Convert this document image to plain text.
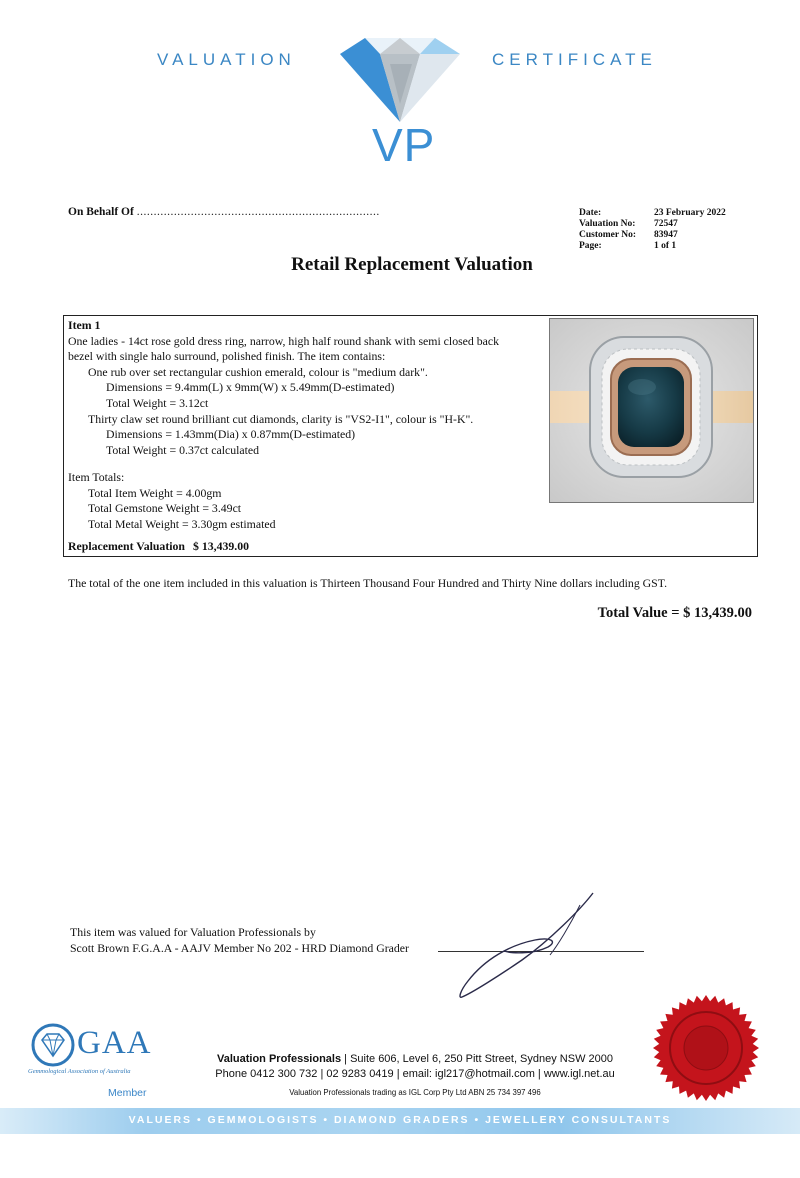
VALUATION	CERTIFICATE
VP
On Behalf Of ........................................................................	Date:	23 February 2022
Valuation No:	72547
Customer No:	83947
Page:	1 of 1
Retail Replacement Valuation
Item 1
One ladies - 14ct rose gold dress ring, narrow, high half round shank with semi closed back
bezel with single halo surround, polished finish. The item contains:
One rub over set rectangular cushion emerald, colour is "medium dark".
Dimensions = 9.4mm(L) x 9mm(W) x 5.49mm(D-estimated)
Total Weight = 3.12ct
Thirty claw set round brilliant cut diamonds, clarity is "VS2-I1", colour is "H-K".
Dimensions = 1.43mm(Dia) x 0.87mm(D-estimated)
Total Weight = 0.37ct calculated
Item Totals:
Total Item Weight = 4.00gm
Total Gemstone Weight = 3.49ct
Total Metal Weight = 3.30gm estimated
Replacement Valuation $ 13,439.00
The total of the one item included in this valuation is Thirteen Thousand Four Hundred and Thirty Nine dollars including GST.
Total Value = $ 13,439.00
This item was valued for Valuation Professionals by
Scott Brown F.G.A.A - AAJV Member No 202 - HRD Diamond Grader
GAA
Gemmological Association of Australia
Member
Valuation Professionals | Suite 606, Level 6, 250 Pitt Street, Sydney NSW 2000
Phone 0412 300 732 | 02 9283 0419 | email: igl217@hotmail.com | www.igl.net.au
Valuation Professionals trading as IGL Corp Pty Ltd ABN 25 734 397 496
VALUERS • GEMMOLOGISTS • DIAMOND GRADERS • JEWELLERY CONSULTANTS
